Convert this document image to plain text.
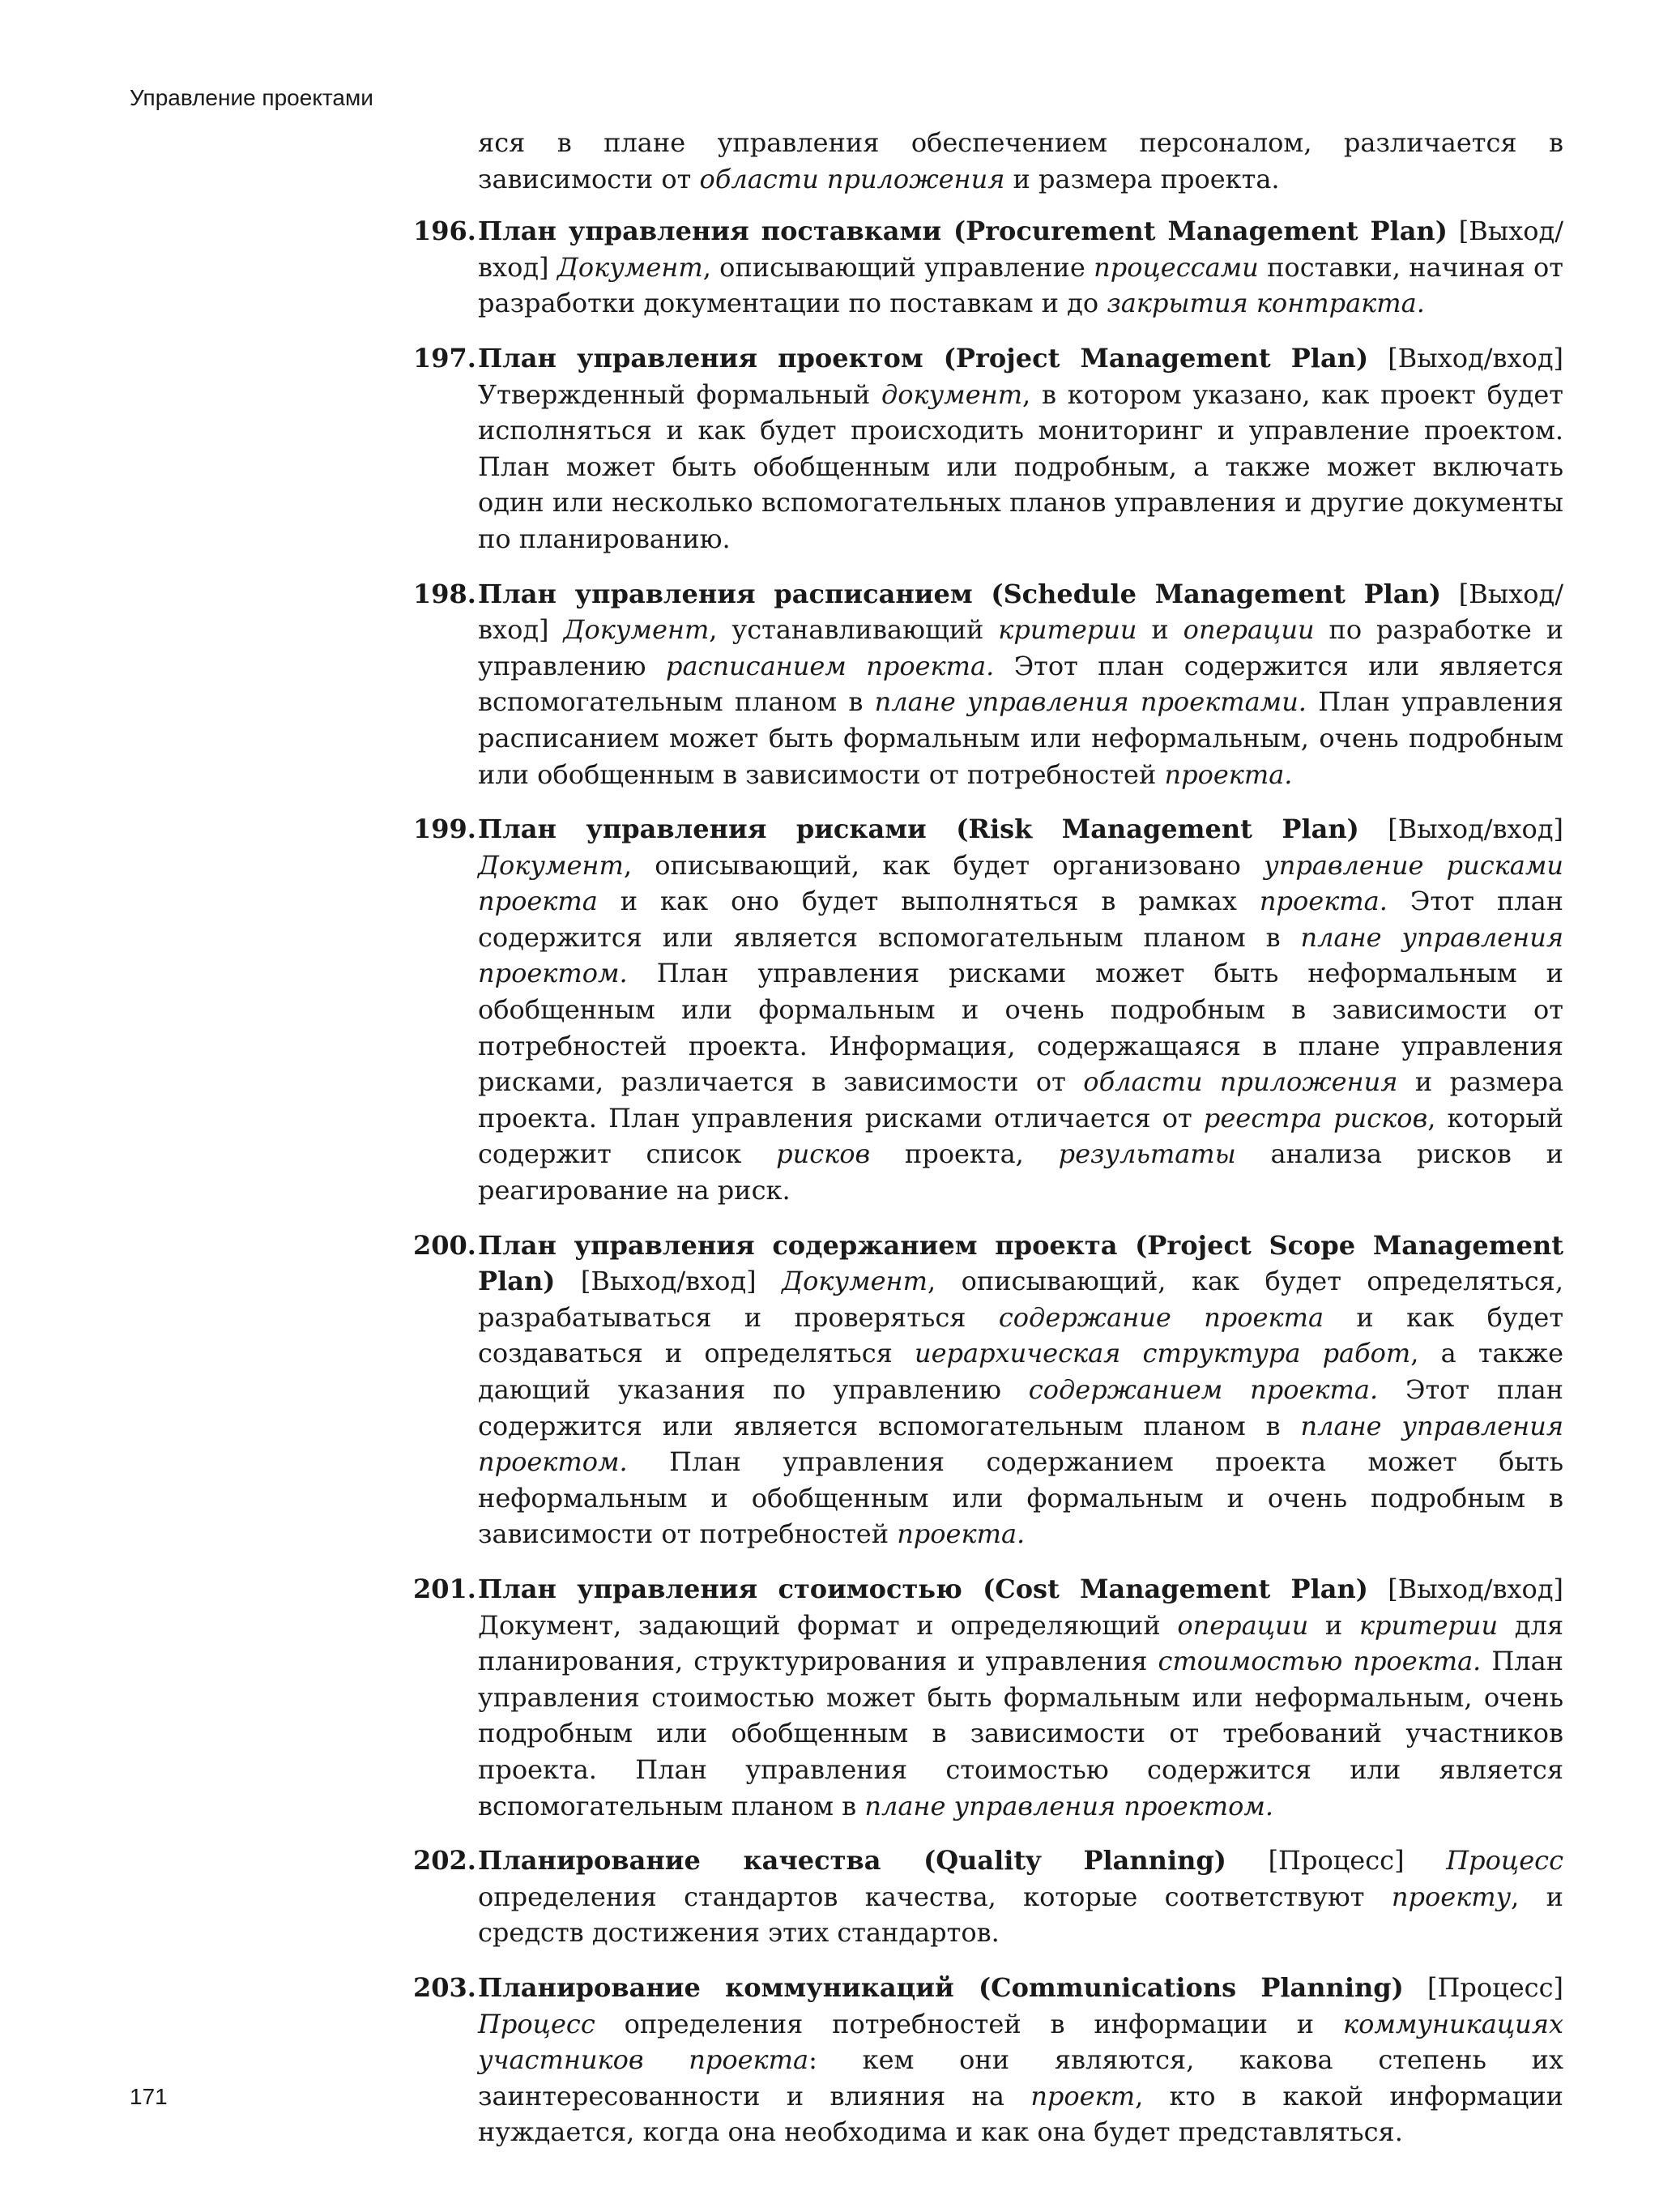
Управление проектами

яся в плане управления обеспечением персоналом, различается в зависимости от области приложения и размера проекта.

196. План управления поставками (Procurement Management Plan) [Выход/вход] Документ, описывающий управление процессами поставки, начиная от разработки документации по поставкам и до закрытия контракта.
197. План управления проектом (Project Management Plan) [Выход/вход] Утвержденный формальный документ, в котором указано, как проект будет исполняться и как будет происходить мониторинг и управление проектом. План может быть обобщенным или подробным, а также может включать один или несколько вспомогательных планов управления и другие документы по планированию.
198. План управления расписанием (Schedule Management Plan) [Выход/вход] Документ, устанавливающий критерии и операции по разработке и управлению расписанием проекта. Этот план содержится или является вспомогательным планом в плане управления проектами. План управления расписанием может быть формальным или неформальным, очень подробным или обобщенным в зависимости от потребностей проекта.
199. План управления рисками (Risk Management Plan) [Выход/вход] Документ, описывающий, как будет организовано управление рисками проекта и как оно будет выполняться в рамках проекта. Этот план содержится или является вспомогательным планом в плане управления проектом. План управления рисками может быть неформальным и обобщенным или формальным и очень подробным в зависимости от потребностей проекта. Информация, содержащаяся в плане управления рисками, различается в зависимости от области приложения и размера проекта. План управления рисками отличается от реестра рисков, который содержит список рисков проекта, результаты анализа рисков и реагирование на риск.
200. План управления содержанием проекта (Project Scope Management Plan) [Выход/вход] Документ, описывающий, как будет определяться, разрабатываться и проверяться содержание проекта и как будет создаваться и определяться иерархическая структура работ, а также дающий указания по управлению содержанием проекта. Этот план содержится или является вспомогательным планом в плане управления проектом. План управления содержанием проекта может быть неформальным и обобщенным или формальным и очень подробным в зависимости от потребностей проекта.
201. План управления стоимостью (Cost Management Plan) [Выход/вход] Документ, задающий формат и определяющий операции и критерии для планирования, структурирования и управления стоимостью проекта. План управления стоимостью может быть формальным или неформальным, очень подробным или обобщенным в зависимости от требований участников проекта. План управления стоимостью содержится или является вспомогательным планом в плане управления проектом.
202. Планирование качества (Quality Planning) [Процесс] Процесс определения стандартов качества, которые соответствуют проекту, и средств достижения этих стандартов.
203. Планирование коммуникаций (Communications Planning) [Процесс] Процесс определения потребностей в информации и коммуникациях участников проекта: кем они являются, какова степень их заинтересованности и влияния на проект, кто в какой информации нуждается, когда она необходима и как она будет представляться.
171
